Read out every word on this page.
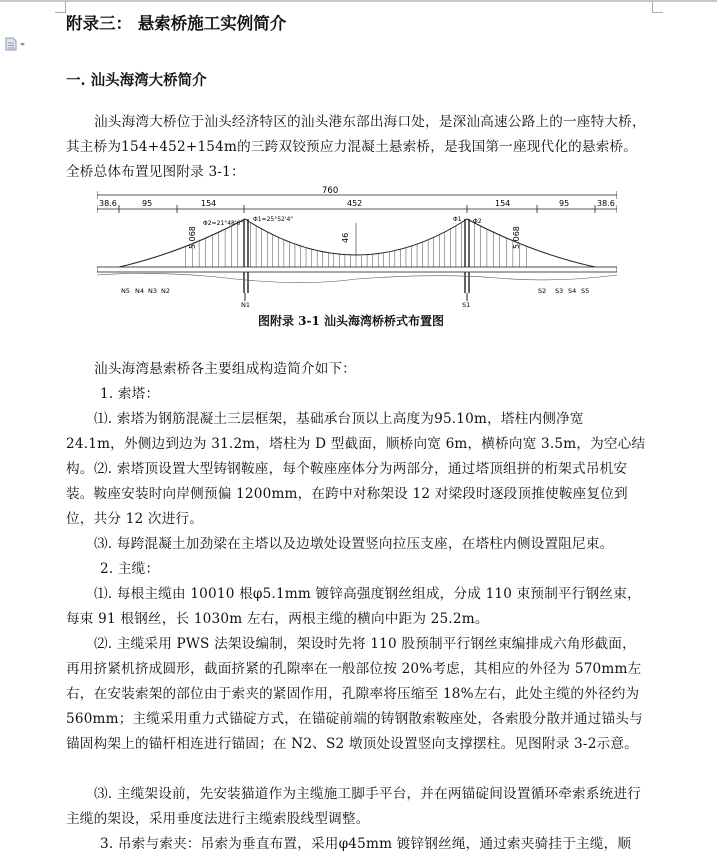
附录三： 悬索桥施工实例简介
一. 汕头海湾大桥简介

汕头海湾大桥位于汕头经济特区的汕头港东部出海口处，是深汕高速公路上的一座特大桥，其主桥为154+452+154m的三跨双铰预应力混凝土悬索桥，是我国第一座现代化的悬索桥。全桥总体布置见图附录 3-1：

图附录 3-1 汕头海湾桥桥式布置图

汕头海湾悬索桥各主要组成构造简介如下：

1. 索塔：

⑴. 索塔为钢筋混凝土三层框架，基础承台顶以上高度为95.10m，塔柱内侧净宽 24.1m，外侧边到边为 31.2m，塔柱为 D 型截面，顺桥向宽 6m，横桥向宽 3.5m，为空心结构。 ⑵. 索塔顶设置大型铸钢鞍座，每个鞍座座体分为两部分，通过塔顶组拼的桁架式吊机安装。鞍座安装时向岸侧预偏 1200mm，在跨中对称架设 12 对梁段时逐段顶推使鞍座复位到位，共分 12 次进行。

⑶. 每跨混凝土加劲梁在主塔以及边墩处设置竖向拉压支座，在塔柱内侧设置阻尼束。

2. 主缆：

⑴. 每根主缆由 10010 根φ5.1mm 镀锌高强度钢丝组成，分成 110 束预制平行钢丝束，每束 91 根钢丝，长 1030m 左右，两根主缆的横向中距为 25.2m。

⑵. 主缆采用 PWS 法架设编制，架设时先将 110 股预制平行钢丝束编排成六角形截面，再用挤紧机挤成圆形，截面挤紧的孔隙率在一般部位按 20%考虑，其相应的外径为 570mm左右，在安装索架的部位由于索夹的紧固作用，孔隙率将压缩至 18%左右，此处主缆的外径约为 560mm；主缆采用重力式锚碇方式，在锚碇前端的铸钢散索鞍座处，各索股分散并通过锚头与锚固构架上的锚杆相连进行锚固；在 N2、S2 墩顶处设置竖向支撑摆柱。见图附录 3-2示意。

⑶. 主缆架设前，先安装猫道作为主缆施工脚手平台，并在两锚碇间设置循环牵索系统进行主缆的架设，采用垂度法进行主缆索股线型调整。

3. 吊索与索夹：吊索为垂直布置，采用φ45mm 镀锌钢丝绳，通过索夹骑挂于主缆，顺

760
38.6	95	154	452	154	95	38.6
46
5.068	5.068
Φ2=21°48'6"
Φ1=25°52'4"	Φ1 Φ2
N5 N4 N3 N2
N1	S1
S2 S3 S4 S5
